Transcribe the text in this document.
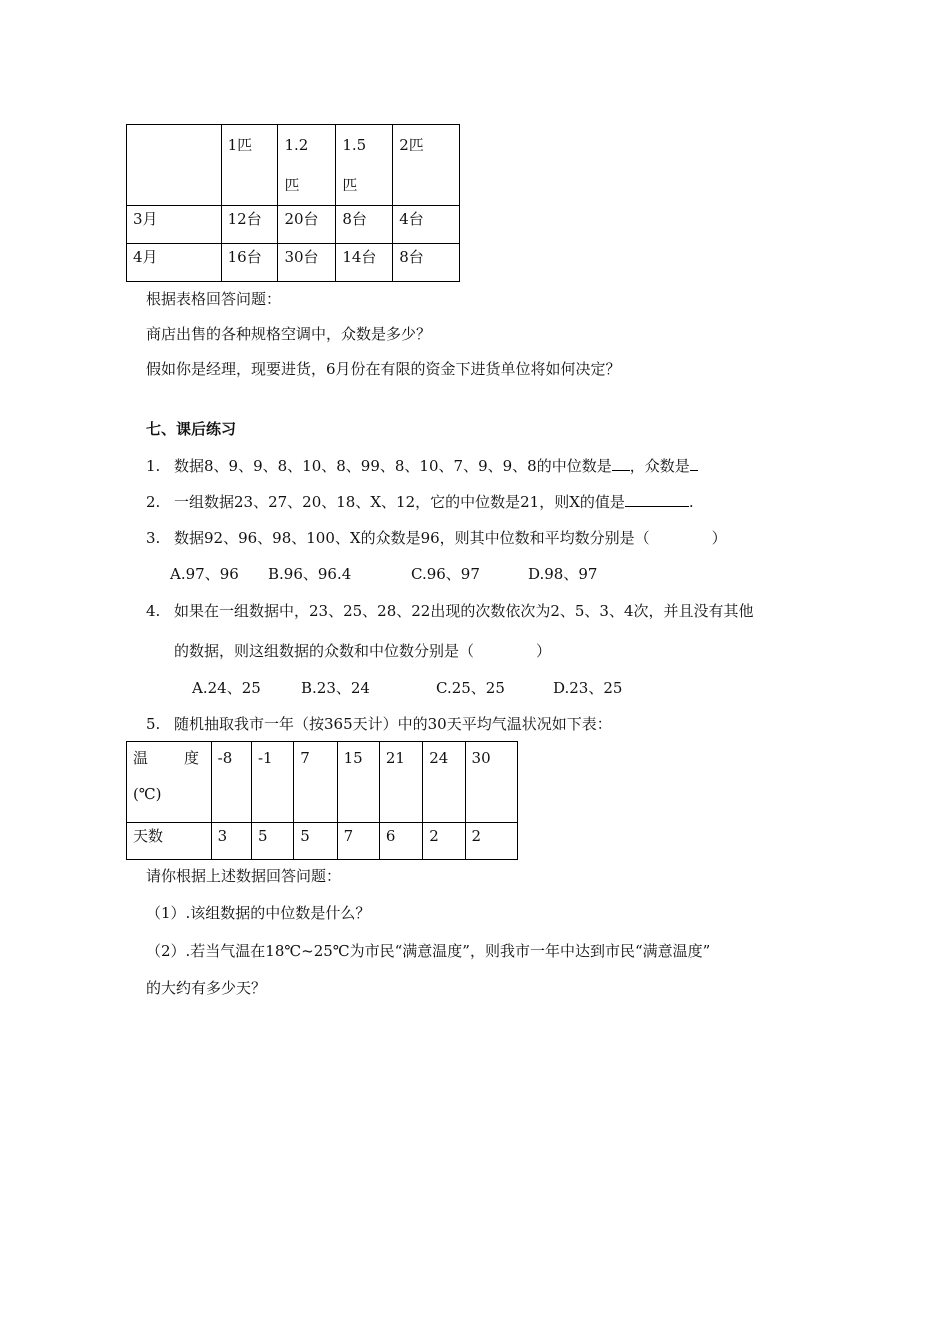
	1匹	1.2匹	1.5匹	2匹
3月	12台	20台	8台	4台
4月	16台	30台	14台	8台
根据表格回答问题：
商店出售的各种规格空调中，众数是多少？
假如你是经理，现要进货，6月份在有限的资金下进货单位将如何决定？
七、课后练习
1. 数据8、9、9、8、10、8、99、8、10、7、9、9、8的中位数是 ，众数是
2. 一组数据23、27、20、18、X、12，它的中位数是21，则X的值是	.
3. 数据92、96、98、100、X的众数是96，则其中位数和平均数分别是（	）
A.97、96 B.96、96.4	C.96、97	D.98、97
4. 如果在一组数据中，23、25、28、22出现的次数依次为2、5、3、4次，并且没有其他
的数据，则这组数据的众数和中位数分别是（	）
A.24、25	B.23、24	C.25、25	D.23、25
5. 随机抽取我市一年（按365天计）中的30天平均气温状况如下表：
温 度
(℃)	-8	-1	7	15	21	24	30
天数	3	5	5	7	6	2	2
请你根据上述数据回答问题：
（1）.该组数据的中位数是什么？
（2）.若当气温在18℃~25℃为市民“满意温度”，则我市一年中达到市民“满意温度”
的大约有多少天？
